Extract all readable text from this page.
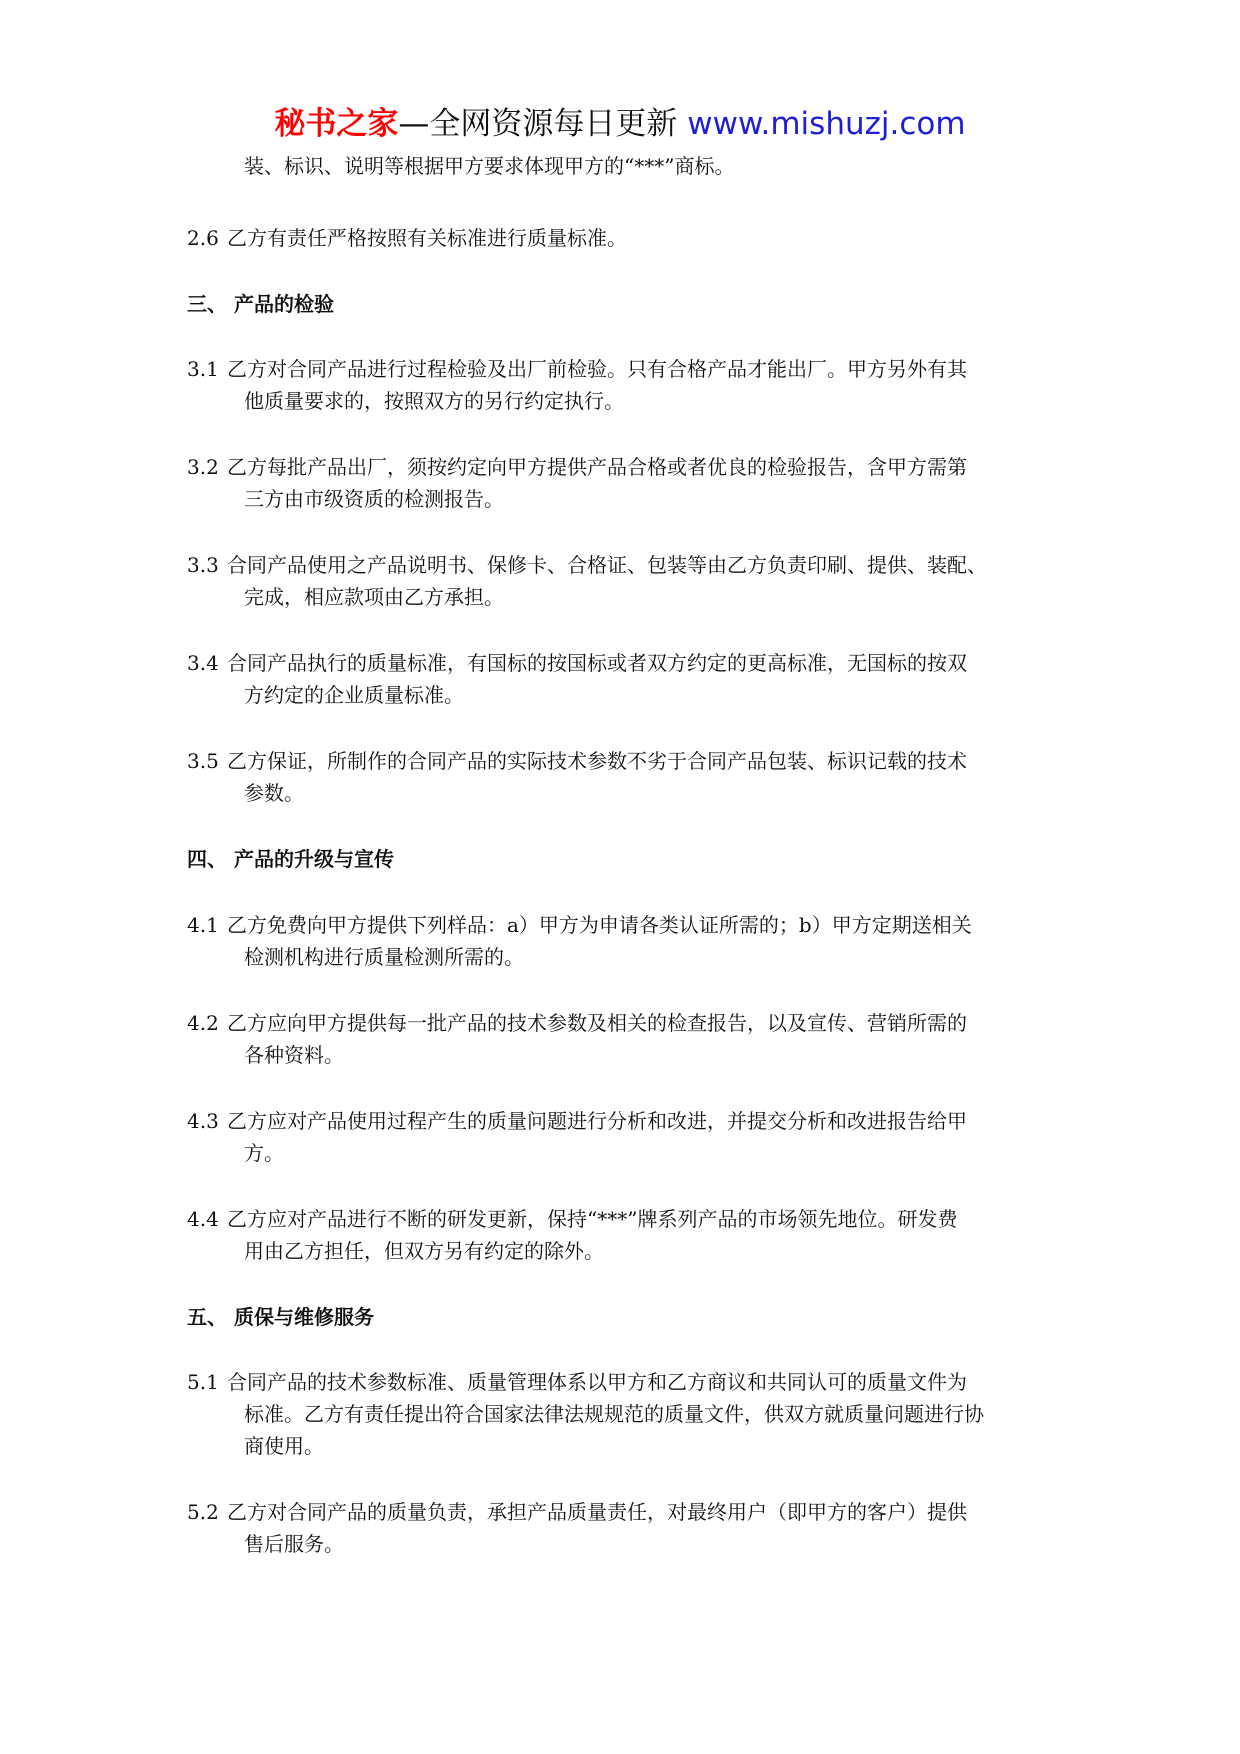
秘书之家—全网资源每日更新 www.mishuzj.com
装、标识、说明等根据甲方要求体现甲方的“***”商标。
2.6 乙方有责任严格按照有关标准进行质量标准。
三、 产品的检验
3.1 乙方对合同产品进行过程检验及出厂前检验。只有合格产品才能出厂。甲方另外有其
他质量要求的，按照双方的另行约定执行。
3.2 乙方每批产品出厂，须按约定向甲方提供产品合格或者优良的检验报告，含甲方需第
三方由市级资质的检测报告。
3.3 合同产品使用之产品说明书、保修卡、合格证、包装等由乙方负责印刷、提供、装配、
完成，相应款项由乙方承担。
3.4 合同产品执行的质量标准，有国标的按国标或者双方约定的更高标准，无国标的按双
方约定的企业质量标准。
3.5 乙方保证，所制作的合同产品的实际技术参数不劣于合同产品包装、标识记载的技术
参数。
四、 产品的升级与宣传
4.1 乙方免费向甲方提供下列样品：a）甲方为申请各类认证所需的；b）甲方定期送相关
检测机构进行质量检测所需的。
4.2 乙方应向甲方提供每一批产品的技术参数及相关的检查报告，以及宣传、营销所需的
各种资料。
4.3 乙方应对产品使用过程产生的质量问题进行分析和改进，并提交分析和改进报告给甲
方。
4.4 乙方应对产品进行不断的研发更新，保持“***”牌系列产品的市场领先地位。研发费
用由乙方担任，但双方另有约定的除外。
五、 质保与维修服务
5.1 合同产品的技术参数标准、质量管理体系以甲方和乙方商议和共同认可的质量文件为
标准。乙方有责任提出符合国家法律法规规范的质量文件，供双方就质量问题进行协
商使用。
5.2 乙方对合同产品的质量负责，承担产品质量责任，对最终用户（即甲方的客户）提供
售后服务。
